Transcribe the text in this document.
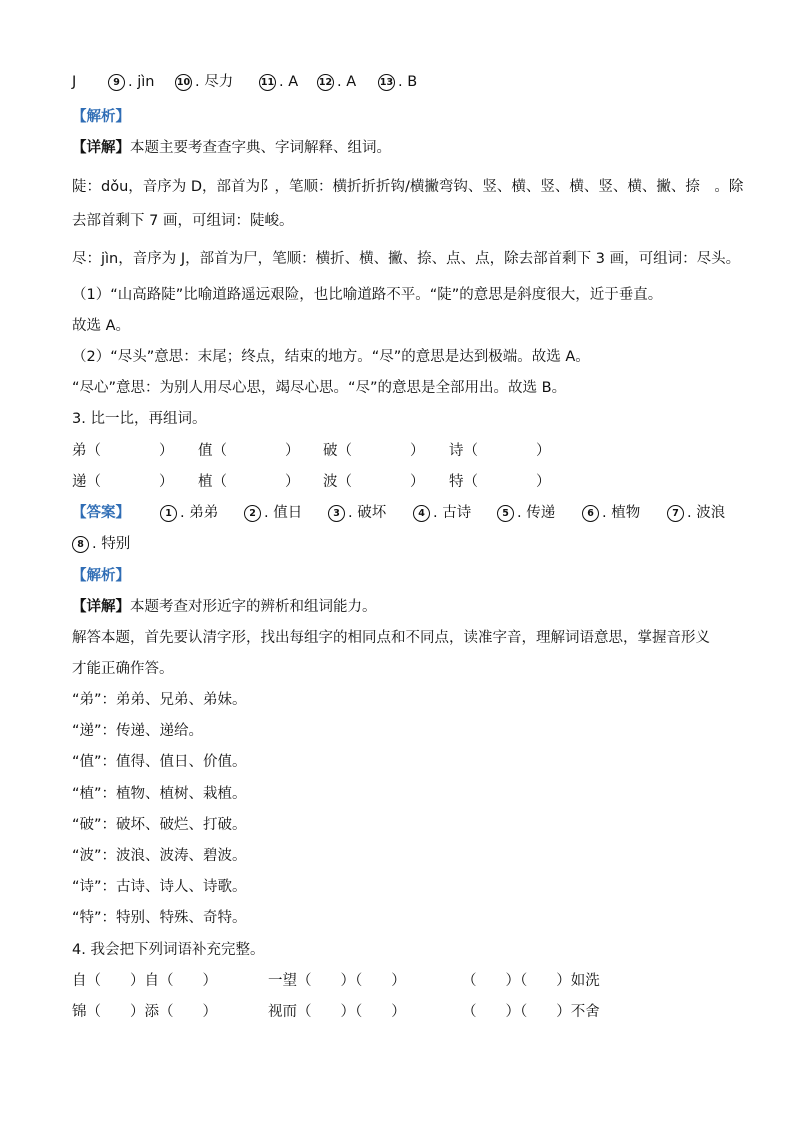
J	9 . jìn 10 . 尽力	11 . A 12 . A 13 . B
【解析】
【详解】本题主要考查查字典、字词解释、组词。
陡：dǒu，音序为 D，部首为阝，笔顺：横折折折钩/横撇弯钩、竖、横、竖、横、竖、横、撇、捺　。除
去部首剩下 7 画，可组词：陡峻。
尽：jìn，音序为 J，部首为尸，笔顺：横折、横、撇、捺、点、点，除去部首剩下 3 画，可组词：尽头。
（1）“山高路陡”比喻道路遥远艰险，也比喻道路不平。“陡”的意思是斜度很大，近于垂直。
故选 A。
（2）“尽头”意思：末尾；终点，结束的地方。“尽”的意思是达到极端。故选 A。
“尽心”意思：为别人用尽心思，竭尽心思。“尽”的意思是全部用出。故选 B。
3. 比一比，再组词。
弟（　　　　） 值（　　　　） 破（　　　　） 诗（　　　　）
递（　　　　） 植（　　　　） 波（　　　　） 特（　　　　）
【答案】	1 . 弟弟	2 . 值日	3 . 破坏	4 . 古诗	5 . 传递	6 . 植物	7 . 波浪
8 . 特别
【解析】
【详解】本题考查对形近字的辨析和组词能力。
解答本题，首先要认清字形，找出每组字的相同点和不同点，读准字音，理解词语意思，掌握音形义才能正确作答。
“弟”：弟弟、兄弟、弟妹。
“递”：传递、递给。
“值”：值得、值日、价值。
“植”：植物、植树、栽植。
“破”：破坏、破烂、打破。
“波”：波浪、波涛、碧波。
“诗”：古诗、诗人、诗歌。
“特”：特别、特殊、奇特。
4. 我会把下列词语补充完整。
自（　　）自（　　）	一望（　　）（　　）	（　　）（　　）如洗
锦（　　）添（　　）	视而（　　）（　　）	（　　）（　　）不舍
